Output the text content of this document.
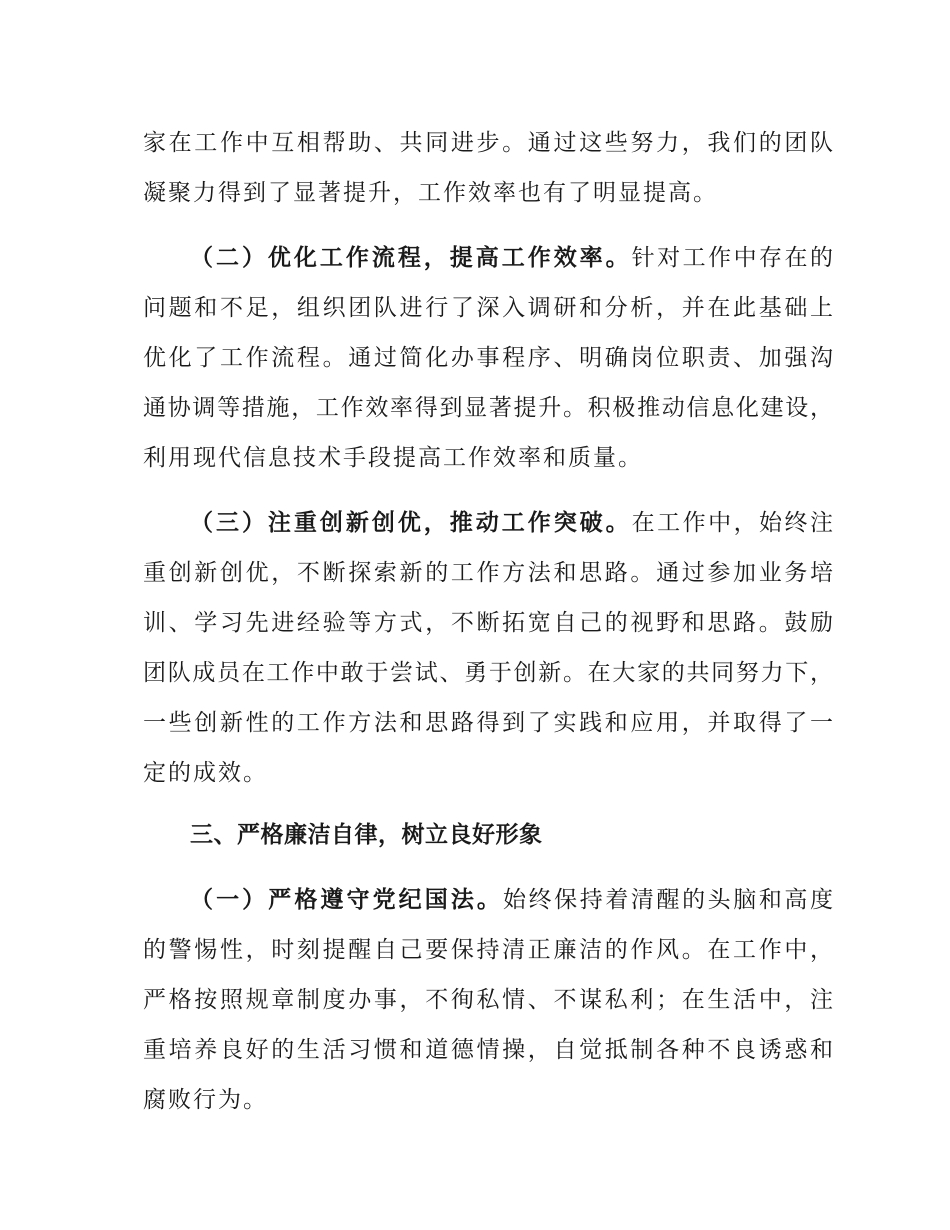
家在工作中互相帮助、共同进步。通过这些努力，我们的团队
凝聚力得到了显著提升，工作效率也有了明显提高。
（二）优化工作流程，提高工作效率。针对工作中存在的
问题和不足，组织团队进行了深入调研和分析，并在此基础上
优化了工作流程。通过简化办事程序、明确岗位职责、加强沟
通协调等措施，工作效率得到显著提升。积极推动信息化建设，
利用现代信息技术手段提高工作效率和质量。
（三）注重创新创优，推动工作突破。在工作中，始终注
重创新创优，不断探索新的工作方法和思路。通过参加业务培
训、学习先进经验等方式，不断拓宽自己的视野和思路。鼓励
团队成员在工作中敢于尝试、勇于创新。在大家的共同努力下，
一些创新性的工作方法和思路得到了实践和应用，并取得了一
定的成效。
三、严格廉洁自律，树立良好形象
（一）严格遵守党纪国法。始终保持着清醒的头脑和高度
的警惕性，时刻提醒自己要保持清正廉洁的作风。在工作中，
严格按照规章制度办事，不徇私情、不谋私利；在生活中，注
重培养良好的生活习惯和道德情操，自觉抵制各种不良诱惑和
腐败行为。
